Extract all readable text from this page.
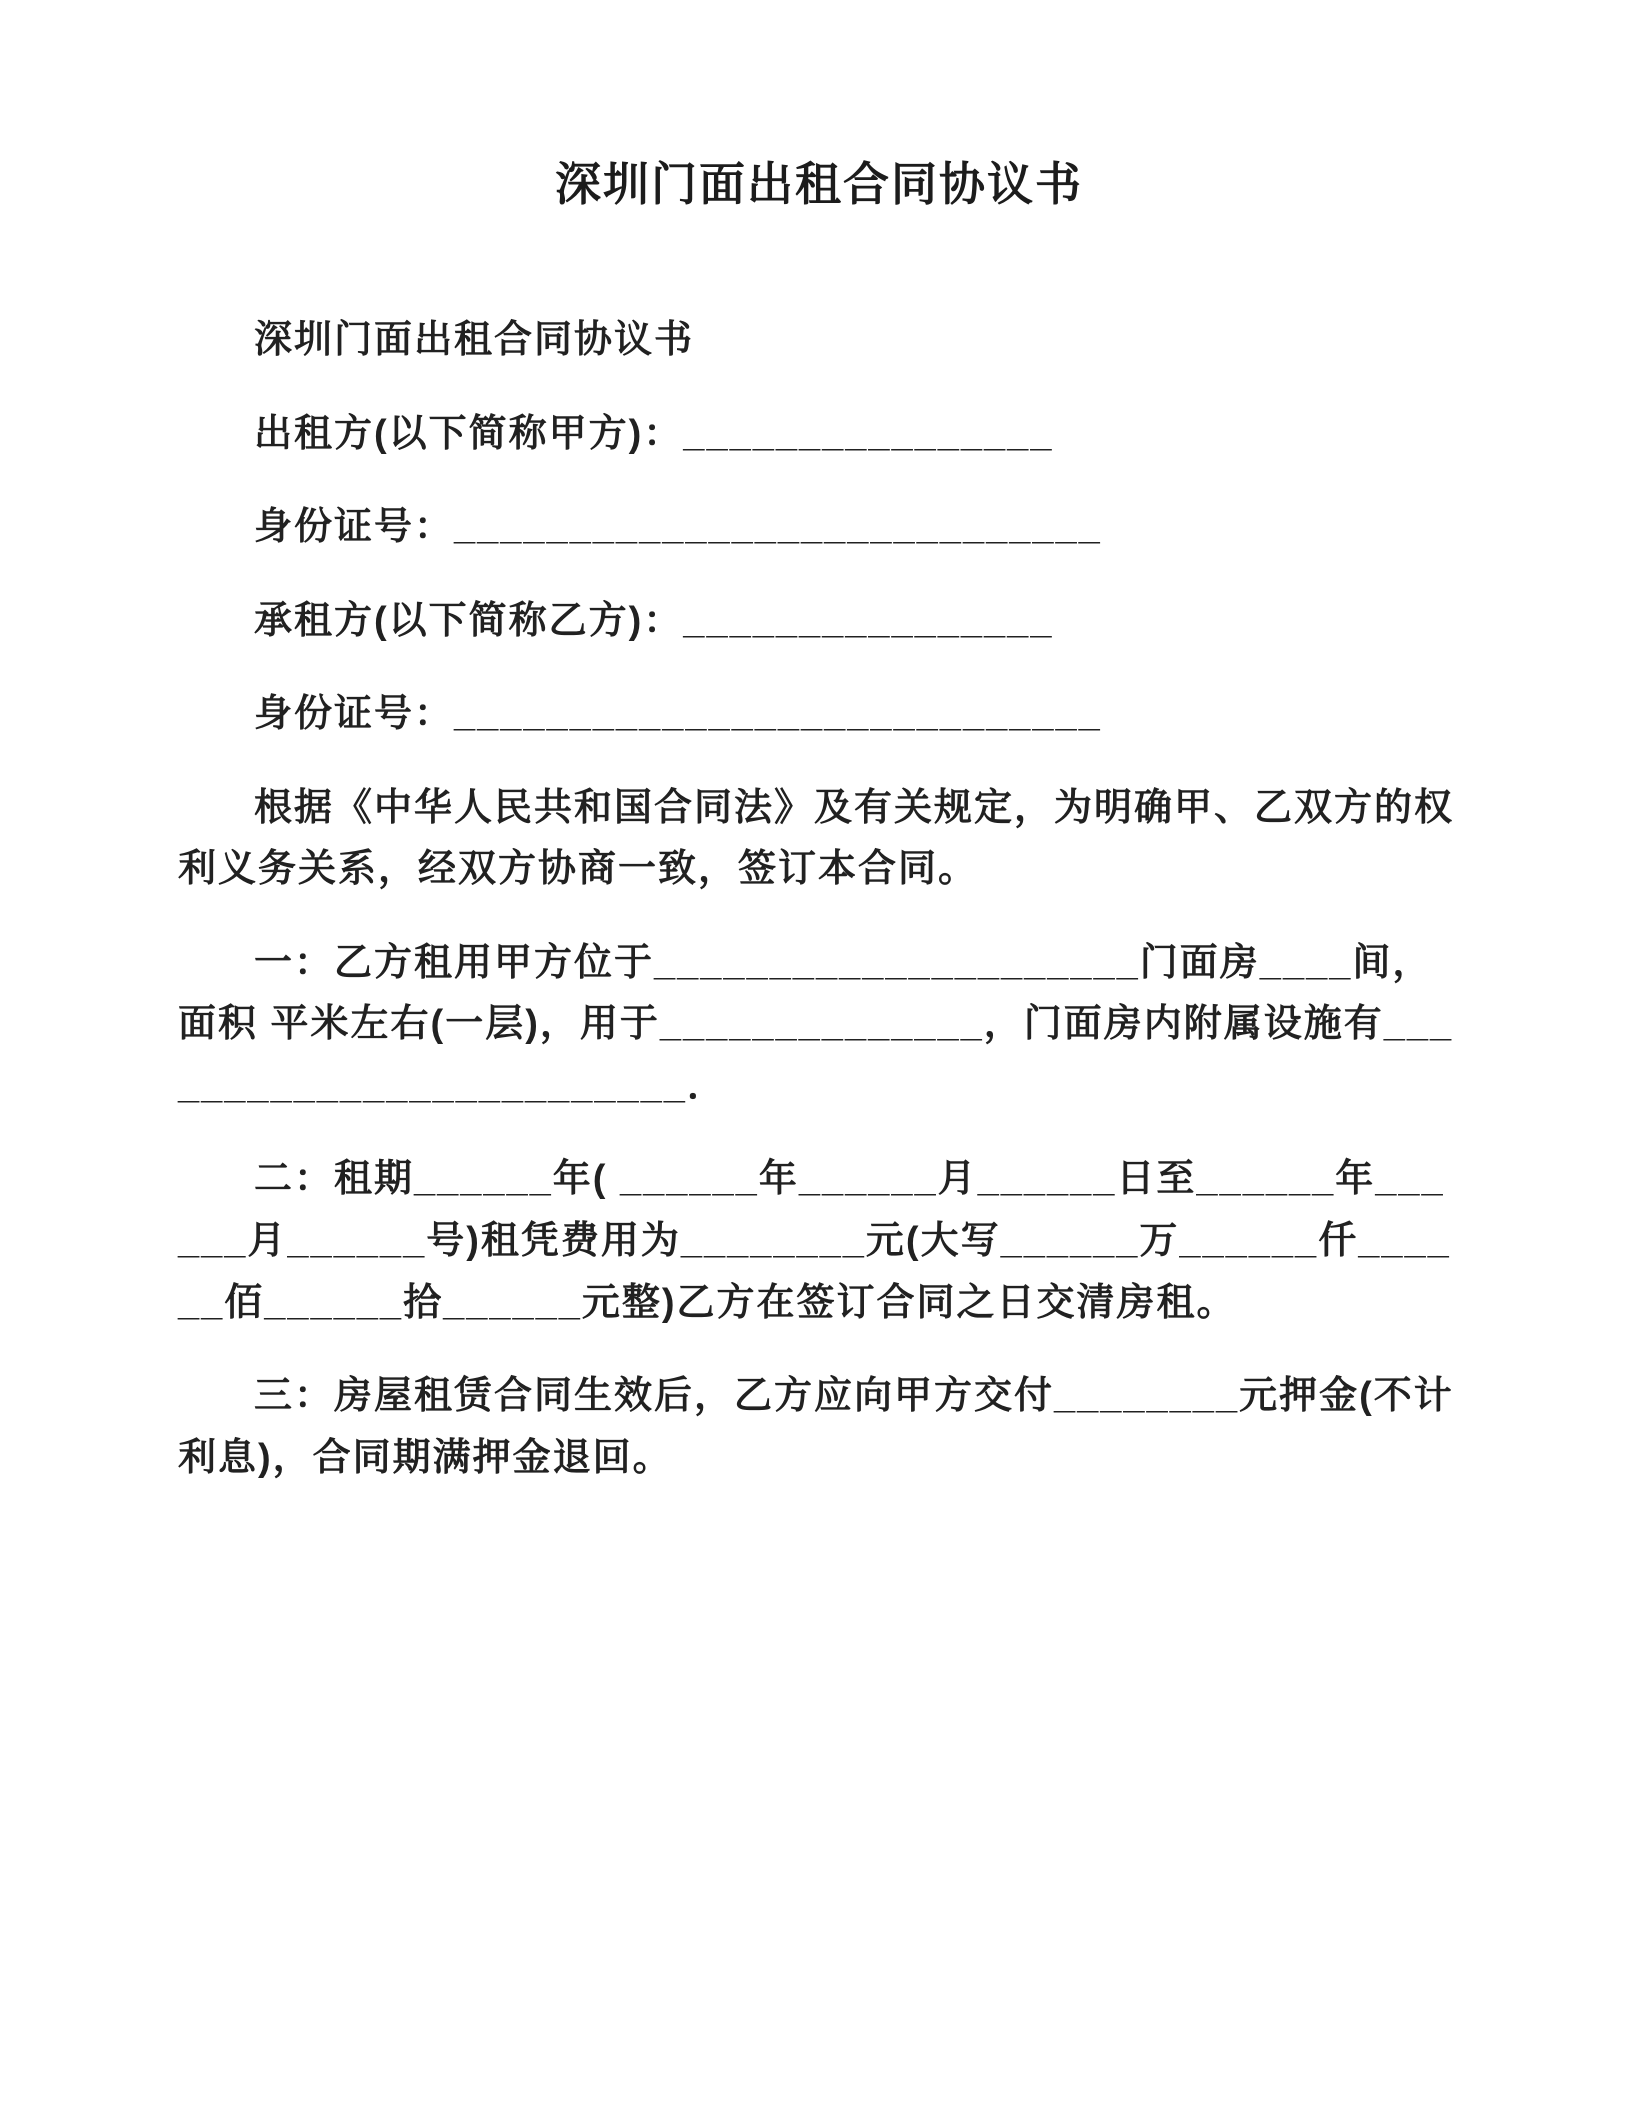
深圳门面出租合同协议书

深圳门面出租合同协议书

出租方(以下简称甲方)：________________

身份证号：____________________________

承租方(以下简称乙方)：________________

身份证号：____________________________

根据《中华人民共和国合同法》及有关规定，为明确甲、乙双方的权利义务关系，经双方协商一致，签订本合同。

一：乙方租用甲方位于_____________________门面房____间，面积 平米左右(一层)，用于______________，门面房内附属设施有_________________________．

二：租期______年( ______年______月______日至______年______月______号)租凭费用为________元(大写______万______仟______佰______拾______元整)乙方在签订合同之日交清房租。

三：房屋租赁合同生效后，乙方应向甲方交付________元押金(不计利息)，合同期满押金退回。
